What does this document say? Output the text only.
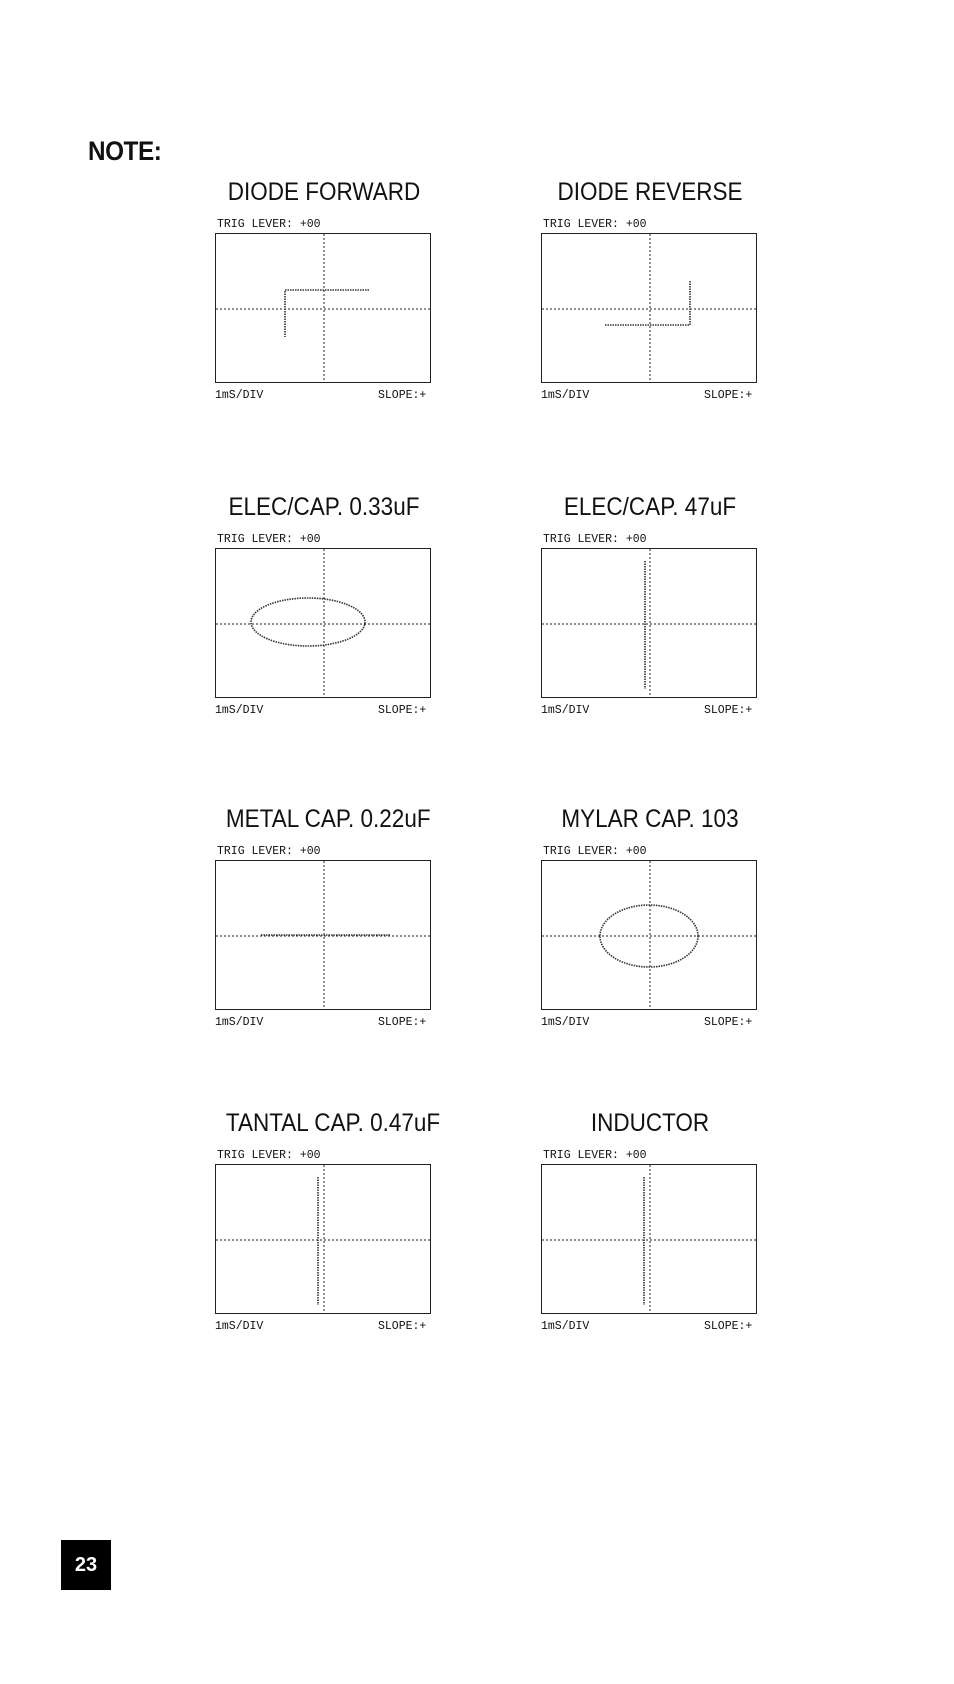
NOTE:
DIODE FORWARD
TRIG LEVER: +00
1mS/DIV	SLOPE:+
DIODE REVERSE
TRIG LEVER: +00
1mS/DIV	SLOPE:+
ELEC/CAP. 0.33uF
TRIG LEVER: +00
1mS/DIV	SLOPE:+
ELEC/CAP. 47uF
TRIG LEVER: +00
1mS/DIV	SLOPE:+
METAL CAP. 0.22uF
TRIG LEVER: +00
1mS/DIV	SLOPE:+
MYLAR CAP. 103
TRIG LEVER: +00
1mS/DIV	SLOPE:+
TANTAL CAP. 0.47uF
TRIG LEVER: +00
1mS/DIV	SLOPE:+
INDUCTOR
TRIG LEVER: +00
1mS/DIV	SLOPE:+
23
